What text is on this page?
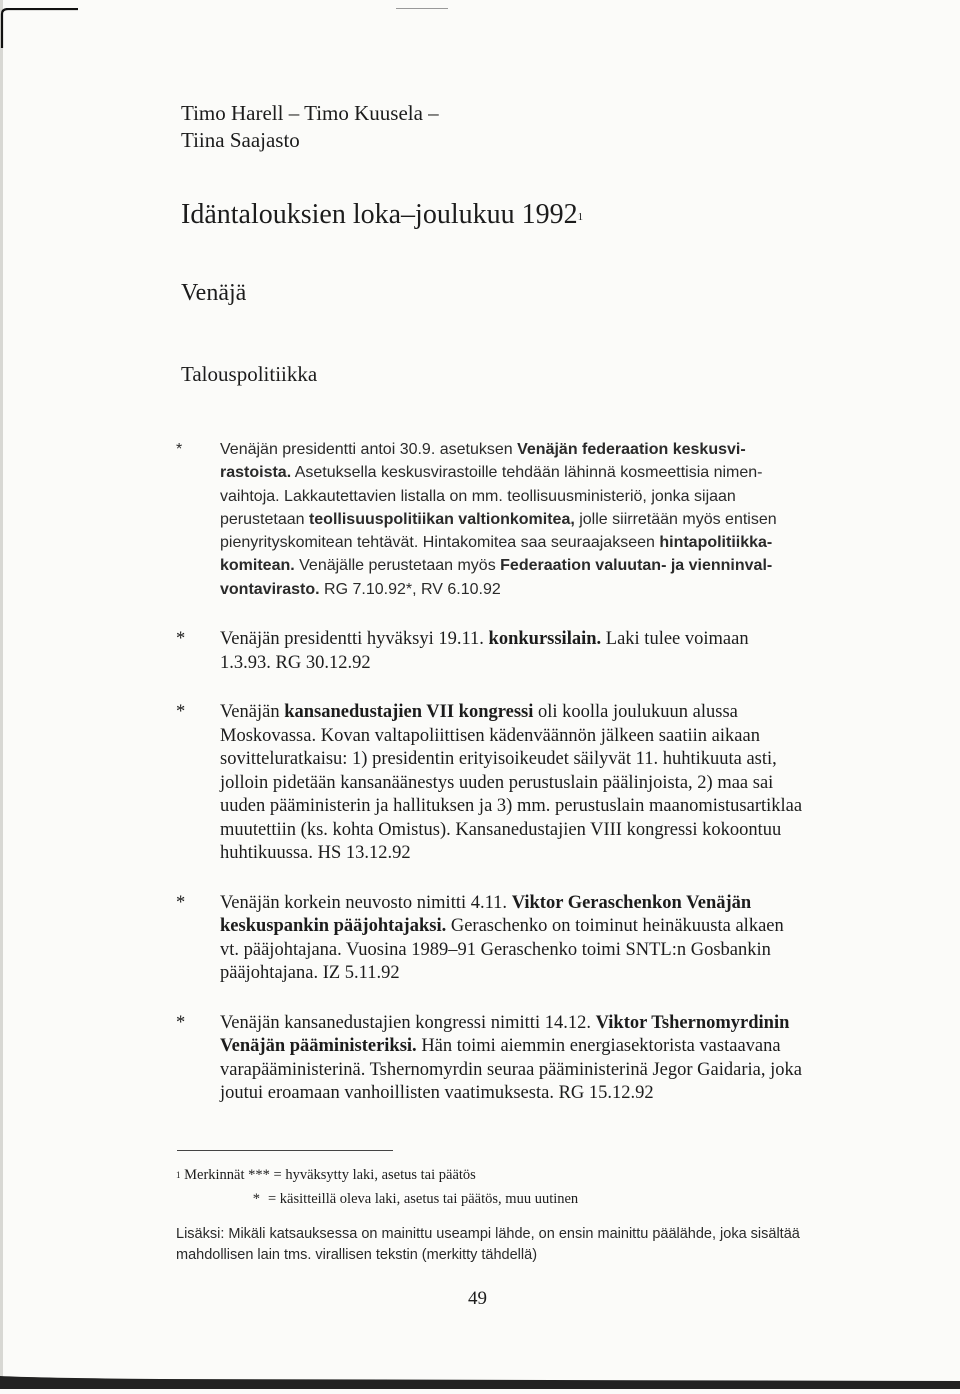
Timo Harell – Timo Kuusela –
Tiina Saajasto
Idäntalouksien loka–joulukuu 1992$^1$
Venäjä
Talouspolitiikka
* Venäjän presidentti antoi 30.9. asetuksen Venäjän federaation keskusvi-
rastoista. Asetuksella keskusvirastoille tehdään lähinnä kosmeettisia nimen-
vaihtoja. Lakkautettavien listalla on mm. teollisuusministeriö, jonka sijaan
perustetaan teollisuuspolitiikan valtionkomitea, jolle siirretään myös entisen
pienyrityskomitean tehtävät. Hintakomitea saa seuraajakseen hintapolitiikka-
komitean. Venäjälle perustetaan myös Federaation valuutan- ja vienninval-
vontavirasto. RG 7.10.92*, RV 6.10.92
* Venäjän presidentti hyväksyi 19.11. konkurssilain. Laki tulee voimaan
1.3.93. RG 30.12.92
* Venäjän kansanedustajien VII kongressi oli koolla joulukuun alussa
Moskovassa. Kovan valtapoliittisen kädenväännön jälkeen saatiin aikaan
sovitteluratkaisu: 1) presidentin erityisoikeudet säilyvät 11. huhtikuuta asti,
jolloin pidetään kansanäänestys uuden perustuslain päälinjoista, 2) maa sai
uuden pääministerin ja hallituksen ja 3) mm. perustuslain maanomistusartiklaa
muutettiin (ks. kohta Omistus). Kansanedustajien VIII kongressi kokoontuu
huhtikuussa. HS 13.12.92
* Venäjän korkein neuvosto nimitti 4.11. Viktor Geraschenkon Venäjän
keskuspankin pääjohtajaksi. Geraschenko on toiminut heinäkuusta alkaen
vt. pääjohtajana. Vuosina 1989–91 Geraschenko toimi SNTL:n Gosbankin
pääjohtajana. IZ 5.11.92
* Venäjän kansanedustajien kongressi nimitti 14.12. Viktor Tshernomyrdinin
Venäjän pääministeriksi. Hän toimi aiemmin energiasektorista vastaavana
varapääministerinä. Tshernomyrdin seuraa pääministerinä Jegor Gaidaria, joka
joutui eroamaan vanhoillisten vaatimuksesta. RG 15.12.92
$^1$ Merkinnät *** = hyväksytty laki, asetus tai päätös
* = käsitteillä oleva laki, asetus tai päätös, muu uutinen
Lisäksi: Mikäli katsauksessa on mainittu useampi lähde, on ensin mainittu päälähde, joka sisältää
mahdollisen lain tms. virallisen tekstin (merkitty tähdellä)
49
